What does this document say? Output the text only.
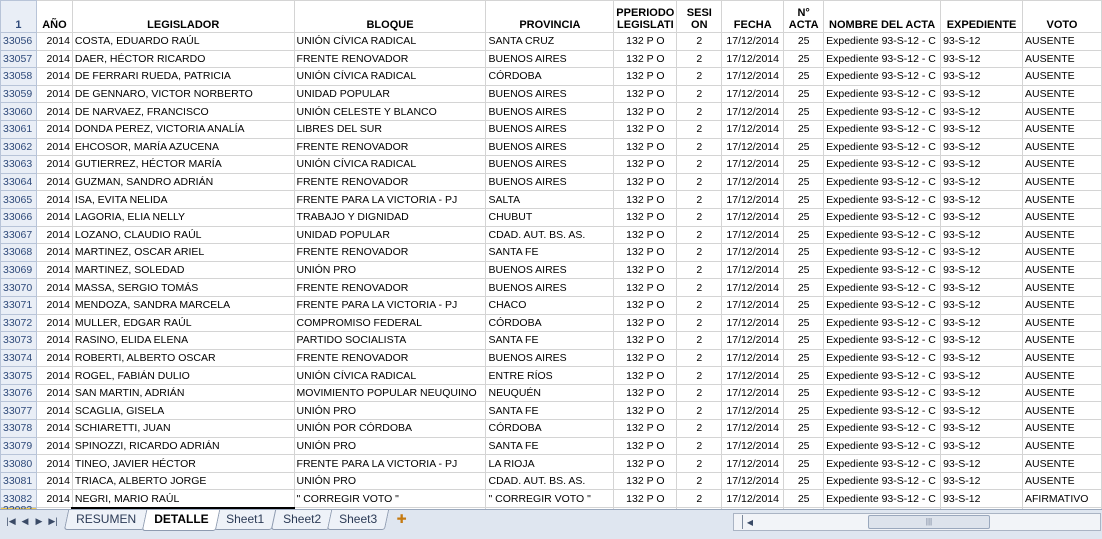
1	AÑO	LEGISLADOR	BLOQUE	PROVINCIA	PPERIODO LEGISLATI	SESI ON	FECHA	N° ACTA	NOMBRE DEL ACTA	EXPEDIENTE	VOTO
33056	2014	COSTA, EDUARDO RAÚL	UNIÓN CÍVICA RADICAL	SANTA CRUZ	132 P O	2	17/12/2014	25	Expediente 93-S-12 - C	93-S-12	AUSENTE
33057	2014	DAER, HÉCTOR RICARDO	FRENTE RENOVADOR	BUENOS AIRES	132 P O	2	17/12/2014	25	Expediente 93-S-12 - C	93-S-12	AUSENTE
33058	2014	DE FERRARI RUEDA, PATRICIA	UNIÓN CÍVICA RADICAL	CÓRDOBA	132 P O	2	17/12/2014	25	Expediente 93-S-12 - C	93-S-12	AUSENTE
33059	2014	DE GENNARO, VICTOR NORBERTO	UNIDAD POPULAR	BUENOS AIRES	132 P O	2	17/12/2014	25	Expediente 93-S-12 - C	93-S-12	AUSENTE
33060	2014	DE NARVAEZ, FRANCISCO	UNIÓN CELESTE Y BLANCO	BUENOS AIRES	132 P O	2	17/12/2014	25	Expediente 93-S-12 - C	93-S-12	AUSENTE
33061	2014	DONDA PEREZ, VICTORIA ANALÍA	LIBRES DEL SUR	BUENOS AIRES	132 P O	2	17/12/2014	25	Expediente 93-S-12 - C	93-S-12	AUSENTE
33062	2014	EHCOSOR, MARÍA AZUCENA	FRENTE RENOVADOR	BUENOS AIRES	132 P O	2	17/12/2014	25	Expediente 93-S-12 - C	93-S-12	AUSENTE
33063	2014	GUTIERREZ, HÉCTOR MARÍA	UNIÓN CÍVICA RADICAL	BUENOS AIRES	132 P O	2	17/12/2014	25	Expediente 93-S-12 - C	93-S-12	AUSENTE
33064	2014	GUZMAN, SANDRO ADRIÁN	FRENTE RENOVADOR	BUENOS AIRES	132 P O	2	17/12/2014	25	Expediente 93-S-12 - C	93-S-12	AUSENTE
33065	2014	ISA, EVITA NELIDA	FRENTE PARA LA VICTORIA - PJ	SALTA	132 P O	2	17/12/2014	25	Expediente 93-S-12 - C	93-S-12	AUSENTE
33066	2014	LAGORIA, ELIA NELLY	TRABAJO Y DIGNIDAD	CHUBUT	132 P O	2	17/12/2014	25	Expediente 93-S-12 - C	93-S-12	AUSENTE
33067	2014	LOZANO, CLAUDIO RAÚL	UNIDAD POPULAR	CDAD. AUT. BS. AS.	132 P O	2	17/12/2014	25	Expediente 93-S-12 - C	93-S-12	AUSENTE
33068	2014	MARTINEZ, OSCAR ARIEL	FRENTE RENOVADOR	SANTA FE	132 P O	2	17/12/2014	25	Expediente 93-S-12 - C	93-S-12	AUSENTE
33069	2014	MARTINEZ, SOLEDAD	UNIÓN PRO	BUENOS AIRES	132 P O	2	17/12/2014	25	Expediente 93-S-12 - C	93-S-12	AUSENTE
33070	2014	MASSA, SERGIO TOMÁS	FRENTE RENOVADOR	BUENOS AIRES	132 P O	2	17/12/2014	25	Expediente 93-S-12 - C	93-S-12	AUSENTE
33071	2014	MENDOZA, SANDRA MARCELA	FRENTE PARA LA VICTORIA - PJ	CHACO	132 P O	2	17/12/2014	25	Expediente 93-S-12 - C	93-S-12	AUSENTE
33072	2014	MULLER, EDGAR RAÚL	COMPROMISO FEDERAL	CÓRDOBA	132 P O	2	17/12/2014	25	Expediente 93-S-12 - C	93-S-12	AUSENTE
33073	2014	RASINO, ELIDA ELENA	PARTIDO SOCIALISTA	SANTA FE	132 P O	2	17/12/2014	25	Expediente 93-S-12 - C	93-S-12	AUSENTE
33074	2014	ROBERTI, ALBERTO OSCAR	FRENTE RENOVADOR	BUENOS AIRES	132 P O	2	17/12/2014	25	Expediente 93-S-12 - C	93-S-12	AUSENTE
33075	2014	ROGEL, FABIÁN DULIO	UNIÓN CÍVICA RADICAL	ENTRE RÍOS	132 P O	2	17/12/2014	25	Expediente 93-S-12 - C	93-S-12	AUSENTE
33076	2014	SAN MARTIN, ADRIÁN	MOVIMIENTO POPULAR NEUQUINO	NEUQUÉN	132 P O	2	17/12/2014	25	Expediente 93-S-12 - C	93-S-12	AUSENTE
33077	2014	SCAGLIA, GISELA	UNIÓN PRO	SANTA FE	132 P O	2	17/12/2014	25	Expediente 93-S-12 - C	93-S-12	AUSENTE
33078	2014	SCHIARETTI, JUAN	UNIÓN POR CÓRDOBA	CÓRDOBA	132 P O	2	17/12/2014	25	Expediente 93-S-12 - C	93-S-12	AUSENTE
33079	2014	SPINOZZI, RICARDO ADRIÁN	UNIÓN PRO	SANTA FE	132 P O	2	17/12/2014	25	Expediente 93-S-12 - C	93-S-12	AUSENTE
33080	2014	TINEO, JAVIER HÉCTOR	FRENTE PARA LA VICTORIA - PJ	LA RIOJA	132 P O	2	17/12/2014	25	Expediente 93-S-12 - C	93-S-12	AUSENTE
33081	2014	TRIACA, ALBERTO JORGE	UNIÓN PRO	CDAD. AUT. BS. AS.	132 P O	2	17/12/2014	25	Expediente 93-S-12 - C	93-S-12	AUSENTE
33082	2014	NEGRI, MARIO RAÚL	" CORREGIR VOTO "	" CORREGIR VOTO "	132 P O	2	17/12/2014	25	Expediente 93-S-12 - C	93-S-12	AFIRMATIVO

|◀ ◀ ▶ ▶|	RESUMEN	DETALLE	Sheet1	Sheet2	Sheet3	✚	◀	|||
